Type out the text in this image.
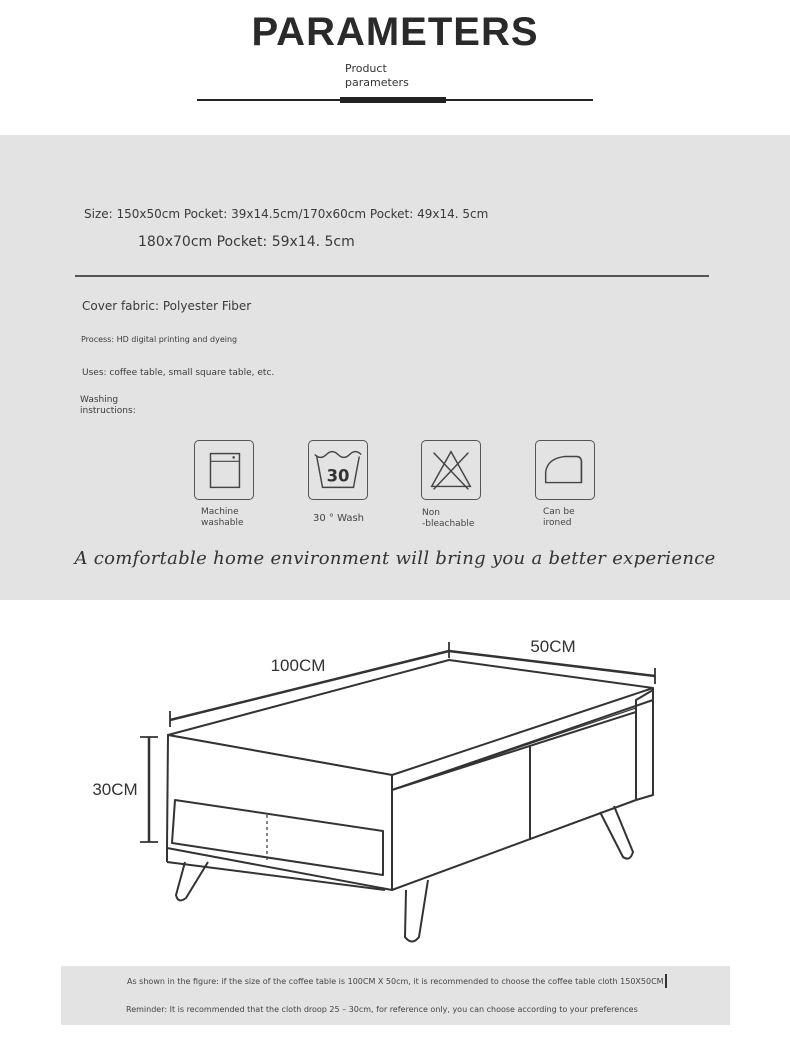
PARAMETERS
Product
parameters
Size: 150x50cm Pocket: 39x14.5cm/170x60cm Pocket: 49x14. 5cm
180x70cm Pocket: 59x14. 5cm
Cover fabric: Polyester Fiber
Process: HD digital printing and dyeing
Uses: coffee table, small square table, etc.
Washing
instructions:
Machine
washable
30
30 ° Wash	Non
-bleachable
Can be
ironed
A comfortable home environment will bring you a better experience
100CM
50CM
30CM
As shown in the figure: if the size of the coffee table is 100CM X 50cm, it is recommended to choose the coffee table cloth 150X50CM
Reminder: It is recommended that the cloth droop 25 – 30cm, for reference only, you can choose according to your preferences
